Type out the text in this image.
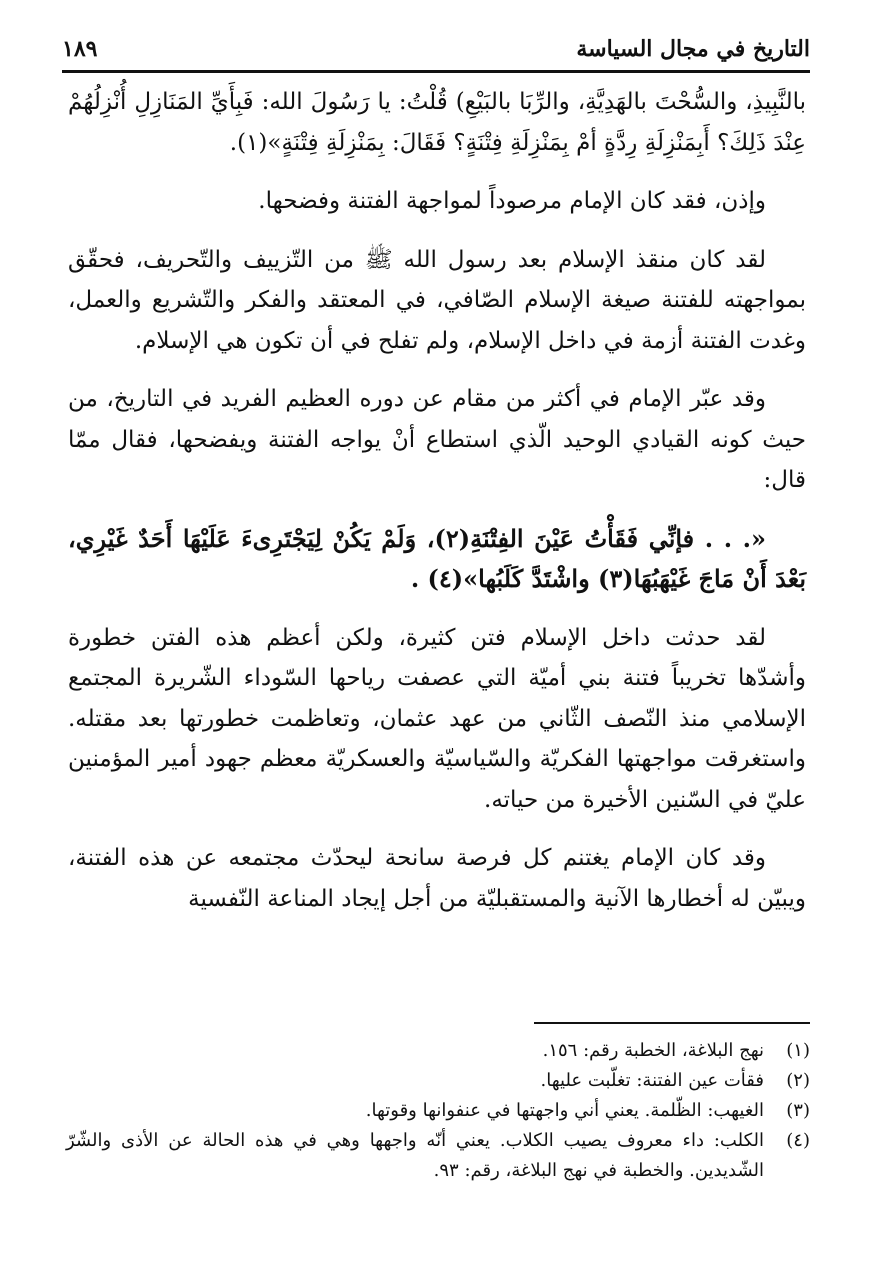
التاريخ في مجال السياسة
١٨٩

بالنَّبِيذِ، والسُّحْتَ بالهَدِيَّةِ، والرِّبَا بالبَيْعِ) قُلْتُ: يا رَسُولَ الله: فَبِأَيِّ المَنَازِلِ أُنْزِلُهُمْ عِنْدَ ذَلِكَ؟ أَبِمَنْزِلَةِ رِدَّةٍ أمْ بِمَنْزِلَةِ فِتْنَةٍ؟ فَقَالَ: بِمَنْزِلَةِ فِتْنَةٍ»(١).

وإذن، فقد كان الإمام مرصوداً لمواجهة الفتنة وفضحها.

لقد كان منقذ الإسلام بعد رسول الله ﷺ من التّزييف والتّحريف، فحقّق بمواجهته للفتنة صيغة الإسلام الصّافي، في المعتقد والفكر والتّشريع والعمل، وغدت الفتنة أزمة في داخل الإسلام، ولم تفلح في أن تكون هي الإسلام.

وقد عبّر الإمام في أكثر من مقام عن دوره العظيم الفريد في التاريخ، من حيث كونه القيادي الوحيد الّذي استطاع أنْ يواجه الفتنة ويفضحها، فقال ممّا قال:

«. . . فإنِّي فَقَأْتُ عَيْنَ الفِتْنَةِ(٢)، وَلَمْ يَكُنْ لِيَجْتَرِىءَ عَلَيْهَا أَحَدٌ غَيْرِي، بَعْدَ أَنْ مَاجَ غَيْهَبُهَا(٣) واشْتَدَّ كَلَبُها»(٤) .

لقد حدثت داخل الإسلام فتن كثيرة، ولكن أعظم هذه الفتن خطورة وأشدّها تخريباً فتنة بني أميّة التي عصفت رياحها السّوداء الشّريرة المجتمع الإسلامي منذ النّصف الثّاني من عهد عثمان، وتعاظمت خطورتها بعد مقتله. واستغرقت مواجهتها الفكريّة والسّياسيّة والعسكريّة معظم جهود أمير المؤمنين عليّ في السّنين الأخيرة من حياته.

وقد كان الإمام يغتنم كل فرصة سانحة ليحدّث مجتمعه عن هذه الفتنة، ويبيّن له أخطارها الآنية والمستقبليّة من أجل إيجاد المناعة النّفسية

(١)
نهج البلاغة، الخطبة رقم: ١٥٦.
(٢)
فقأت عين الفتنة: تغلّبت عليها.
(٣)
الغيهب: الظّلمة. يعني أني واجهتها في عنفوانها وقوتها.
(٤)
الكلب: داء معروف يصيب الكلاب. يعني أنّه واجهها وهي في هذه الحالة عن الأذى والشّرّ الشّديدين. والخطبة في نهج البلاغة، رقم: ٩٣.
